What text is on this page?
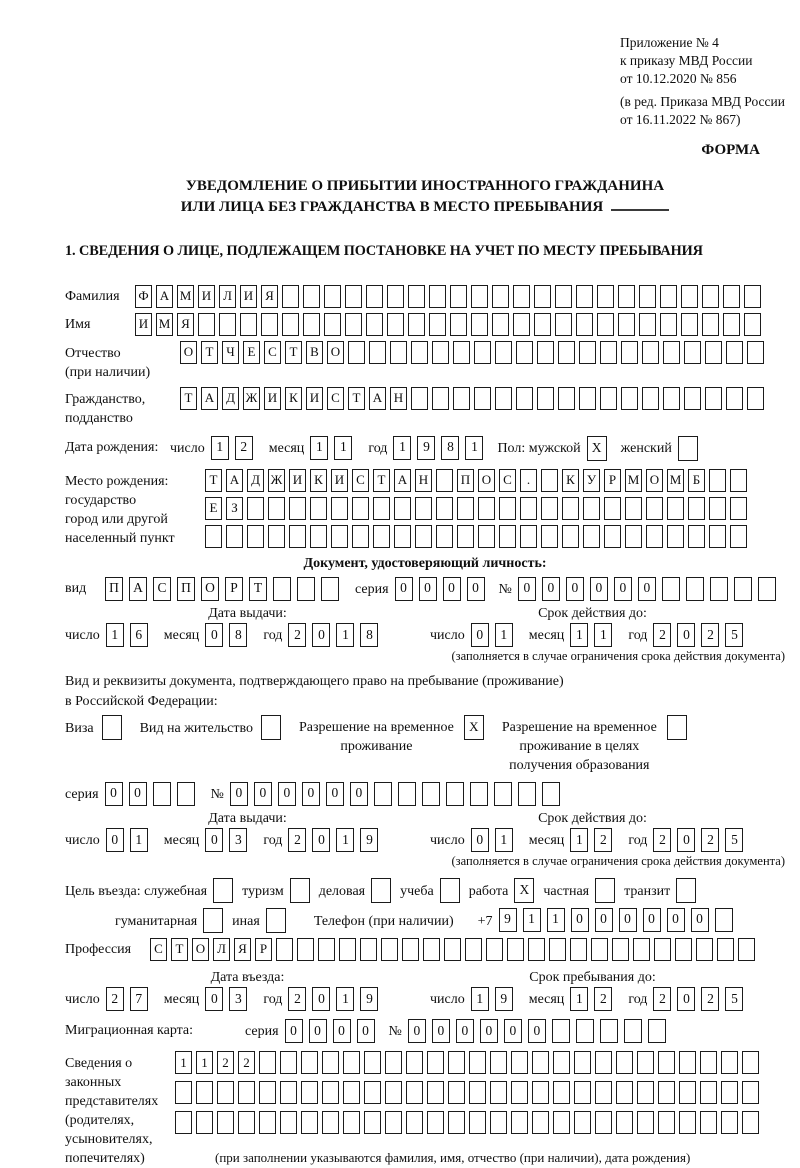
Приложение № 4
к приказу МВД России
от 10.12.2020 № 856
(в ред. Приказа МВД России
от 16.11.2022 № 867)
ФОРМА
УВЕДОМЛЕНИЕ О ПРИБЫТИИ ИНОСТРАННОГО ГРАЖДАНИНА
ИЛИ ЛИЦА БЕЗ ГРАЖДАНСТВА В МЕСТО ПРЕБЫВАНИЯ
1. СВЕДЕНИЯ О ЛИЦЕ, ПОДЛЕЖАЩЕМ ПОСТАНОВКЕ НА УЧЕТ ПО МЕСТУ ПРЕБЫВАНИЯ
Фамилия	Ф А М И Л И Я
Имя	И М Я
Отчество
(при наличии)
О Т Ч Е С Т В О
Гражданство,
подданство
Т А Д Ж И К И С Т А Н
Дата рождения: число 1	2	месяц 1	1	год 1	9	8	1	Пол: мужской X	женский
Место рождения:
государство
город или другой
населенный пункт
Т А Д Ж И К И С Т А Н	П О С	.	К У Р М О М Б

Е	З

Документ, удостоверяющий личность:
вид	П	А	С	П	О	Р	Т	серия 0	0	0	0	№ 0	0	0	0	0	0
Дата выдачи:	Срок действия до:
число 1	6	месяц 0	8	год 2	0	1	8	число 0	1	месяц 1	1	год 2	0	2	5
(заполняется в случае ограничения срока действия документа)
Вид и реквизиты документа, подтверждающего право на пребывание (проживание)
в Российской Федерации:
Виза	Вид на жительство	Разрешение на временное
проживание
X	Разрешение на временное
проживание в целях
получения образования
серия 0	0	№ 0	0	0	0	0	0
Дата выдачи:	Срок действия до:
число 0	1	месяц 0	3	год 2	0	1	9	число 0	1	месяц 1	2	год 2	0	2	5
(заполняется в случае ограничения срока действия документа)
Цель въезда: служебная	туризм	деловая	учеба	работа X	частная	транзит
гуманитарная	иная	Телефон (при наличии) +7 9	1	1	0	0	0	0	0	0
Профессия	С Т О Л Я	Р
Дата въезда:	Срок пребывания до:
число 2	7	месяц 0	3	год 2	0	1	9	число 1	9	месяц 1	2	год 2	0	2	5
Миграционная карта:	серия 0	0	0	0	№ 0	0	0	0	0	0
Сведения о
законных
представителях
(родителях,
усыновителях,
попечителях)
1	1	2	2

(при заполнении указываются фамилия, имя, отчество (при наличии), дата рождения)
